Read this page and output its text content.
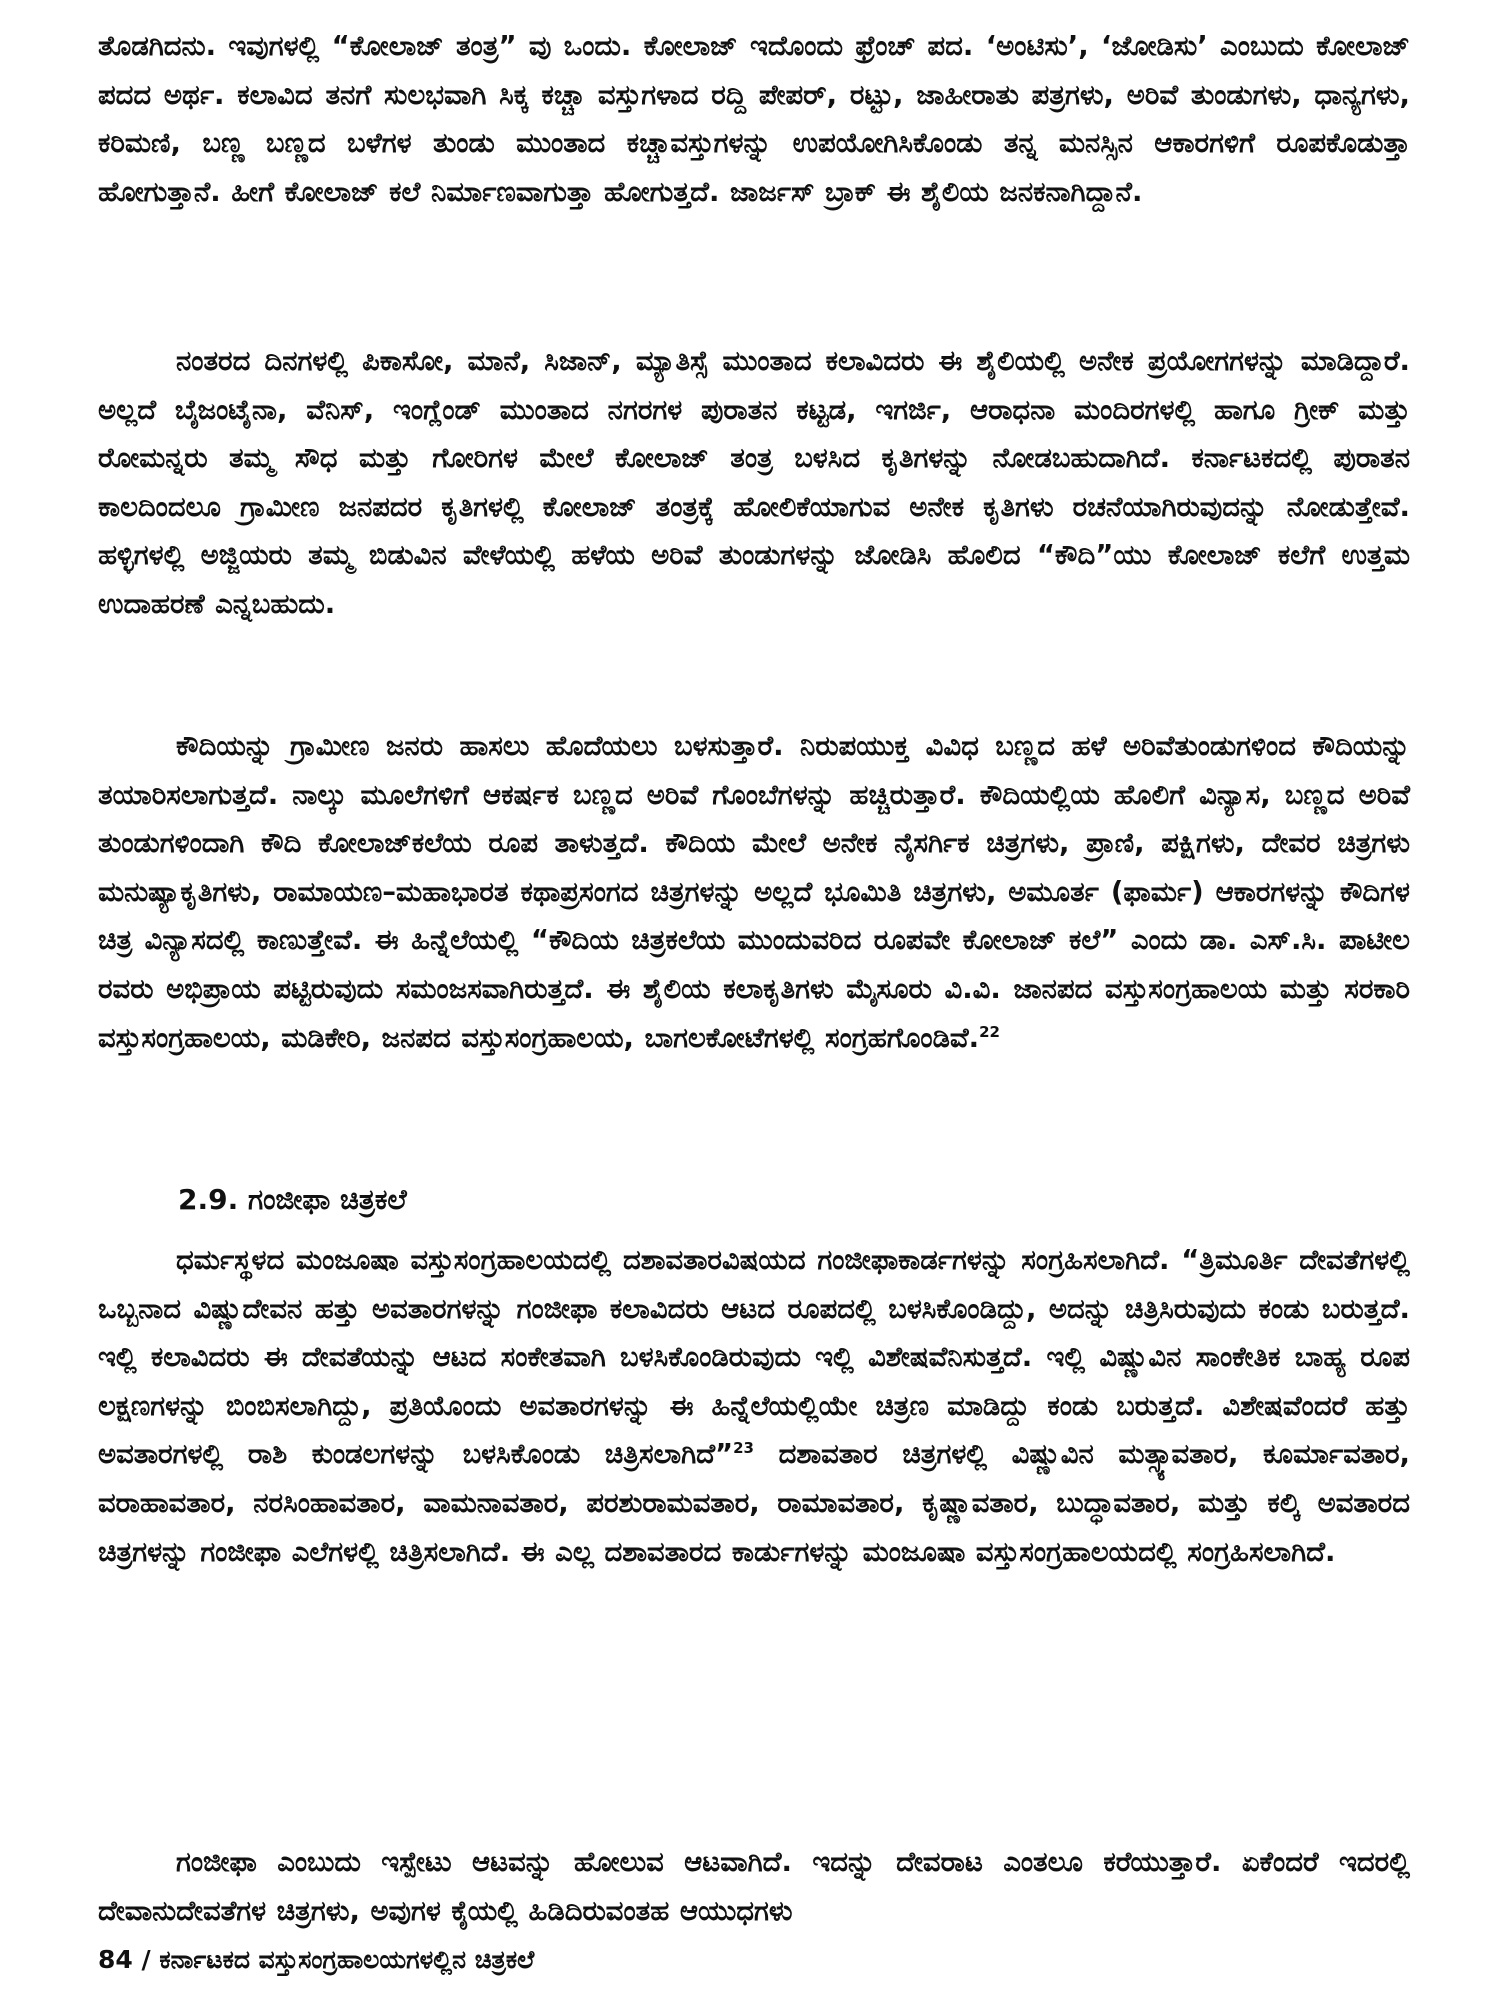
ತೊಡಗಿದನು. ಇವುಗಳಲ್ಲಿ “ಕೋಲಾಜ್ ತಂತ್ರ” ವು ಒಂದು. ಕೋಲಾಜ್ ಇದೊಂದು ಫ್ರೆಂಚ್ ಪದ. ‘ಅಂಟಿಸು’, ‘ಜೋಡಿಸು’ ಎಂಬುದು ಕೋಲಾಜ್ ಪದದ ಅರ್ಥ. ಕಲಾವಿದ ತನಗೆ ಸುಲಭವಾಗಿ ಸಿಕ್ಕ ಕಚ್ಚಾ ವಸ್ತುಗಳಾದ ರದ್ದಿ ಪೇಪರ್, ರಟ್ಟು, ಜಾಹೀರಾತು ಪತ್ರಗಳು, ಅರಿವೆ ತುಂಡುಗಳು, ಧಾನ್ಯಗಳು, ಕರಿಮಣಿ, ಬಣ್ಣ ಬಣ್ಣದ ಬಳೆಗಳ ತುಂಡು ಮುಂತಾದ ಕಚ್ಚಾವಸ್ತುಗಳನ್ನು ಉಪಯೋಗಿಸಿಕೊಂಡು ತನ್ನ ಮನಸ್ಸಿನ ಆಕಾರಗಳಿಗೆ ರೂಪಕೊಡುತ್ತಾ ಹೋಗುತ್ತಾನೆ. ಹೀಗೆ ಕೋಲಾಜ್ ಕಲೆ ನಿರ್ಮಾಣವಾಗುತ್ತಾ ಹೋಗುತ್ತದೆ. ಜಾರ್ಜಸ್ ಬ್ರಾಕ್ ಈ ಶೈಲಿಯ ಜನಕನಾಗಿದ್ದಾನೆ.

ನಂತರದ ದಿನಗಳಲ್ಲಿ ಪಿಕಾಸೋ, ಮಾನೆ, ಸಿಜಾನ್, ಮ್ಯಾತಿಸ್ಸೆ ಮುಂತಾದ ಕಲಾವಿದರು ಈ ಶೈಲಿಯಲ್ಲಿ ಅನೇಕ ಪ್ರಯೋಗಗಳನ್ನು ಮಾಡಿದ್ದಾರೆ. ಅಲ್ಲದೆ ಬೈಜಂಟೈನಾ, ವೆನಿಸ್, ಇಂಗ್ಲೆಂಡ್ ಮುಂತಾದ ನಗರಗಳ ಪುರಾತನ ಕಟ್ಟಡ, ಇಗರ್ಜಿ, ಆರಾಧನಾ ಮಂದಿರಗಳಲ್ಲಿ ಹಾಗೂ ಗ್ರೀಕ್ ಮತ್ತು ರೋಮನ್ನರು ತಮ್ಮ ಸೌಧ ಮತ್ತು ಗೋರಿಗಳ ಮೇಲೆ ಕೋಲಾಜ್ ತಂತ್ರ ಬಳಸಿದ ಕೃತಿಗಳನ್ನು ನೋಡಬಹುದಾಗಿದೆ. ಕರ್ನಾಟಕದಲ್ಲಿ ಪುರಾತನ ಕಾಲದಿಂದಲೂ ಗ್ರಾಮೀಣ ಜನಪದರ ಕೃತಿಗಳಲ್ಲಿ ಕೋಲಾಜ್ ತಂತ್ರಕ್ಕೆ ಹೋಲಿಕೆಯಾಗುವ ಅನೇಕ ಕೃತಿಗಳು ರಚನೆಯಾಗಿರುವುದನ್ನು ನೋಡುತ್ತೇವೆ. ಹಳ್ಳಿಗಳಲ್ಲಿ ಅಜ್ಜಿಯರು ತಮ್ಮ ಬಿಡುವಿನ ವೇಳೆಯಲ್ಲಿ ಹಳೆಯ ಅರಿವೆ ತುಂಡುಗಳನ್ನು ಜೋಡಿಸಿ ಹೊಲಿದ “ಕೌದಿ”ಯು ಕೋಲಾಜ್ ಕಲೆಗೆ ಉತ್ತಮ ಉದಾಹರಣೆ ಎನ್ನಬಹುದು.

ಕೌದಿಯನ್ನು ಗ್ರಾಮೀಣ ಜನರು ಹಾಸಲು ಹೊದೆಯಲು ಬಳಸುತ್ತಾರೆ. ನಿರುಪಯುಕ್ತ ವಿವಿಧ ಬಣ್ಣದ ಹಳೆ ಅರಿವೆತುಂಡುಗಳಿಂದ ಕೌದಿಯನ್ನು ತಯಾರಿಸಲಾಗುತ್ತದೆ. ನಾಲ್ಕು ಮೂಲೆಗಳಿಗೆ ಆಕರ್ಷಕ ಬಣ್ಣದ ಅರಿವೆ ಗೊಂಬೆಗಳನ್ನು ಹಚ್ಚಿರುತ್ತಾರೆ. ಕೌದಿಯಲ್ಲಿಯ ಹೊಲಿಗೆ ವಿನ್ಯಾಸ, ಬಣ್ಣದ ಅರಿವೆ ತುಂಡುಗಳಿಂದಾಗಿ ಕೌದಿ ಕೋಲಾಜ್‌ಕಲೆಯ ರೂಪ ತಾಳುತ್ತದೆ. ಕೌದಿಯ ಮೇಲೆ ಅನೇಕ ನೈಸರ್ಗಿಕ ಚಿತ್ರಗಳು, ಪ್ರಾಣಿ, ಪಕ್ಷಿಗಳು, ದೇವರ ಚಿತ್ರಗಳು ಮನುಷ್ಯಾಕೃತಿಗಳು, ರಾಮಾಯಣ–ಮಹಾಭಾರತ ಕಥಾಪ್ರಸಂಗದ ಚಿತ್ರಗಳನ್ನು ಅಲ್ಲದೆ ಭೂಮಿತಿ ಚಿತ್ರಗಳು, ಅಮೂರ್ತ (ಫಾರ್ಮ) ಆಕಾರಗಳನ್ನು ಕೌದಿಗಳ ಚಿತ್ರ ವಿನ್ಯಾಸದಲ್ಲಿ ಕಾಣುತ್ತೇವೆ. ಈ ಹಿನ್ನೆಲೆಯಲ್ಲಿ “ಕೌದಿಯ ಚಿತ್ರಕಲೆಯ ಮುಂದುವರಿದ ರೂಪವೇ ಕೋಲಾಜ್ ಕಲೆ” ಎಂದು ಡಾ. ಎಸ್.ಸಿ. ಪಾಟೀಲ ರವರು ಅಭಿಪ್ರಾಯ ಪಟ್ಟಿರುವುದು ಸಮಂಜಸವಾಗಿರುತ್ತದೆ. ಈ ಶೈಲಿಯ ಕಲಾಕೃತಿಗಳು ಮೈಸೂರು ವಿ.ವಿ. ಜಾನಪದ ವಸ್ತುಸಂಗ್ರಹಾಲಯ ಮತ್ತು ಸರಕಾರಿ ವಸ್ತುಸಂಗ್ರಹಾಲಯ, ಮಡಿಕೇರಿ, ಜನಪದ ವಸ್ತುಸಂಗ್ರಹಾಲಯ, ಬಾಗಲಕೋಟೆಗಳಲ್ಲಿ ಸಂಗ್ರಹಗೊಂಡಿವೆ.$^{22}$

2.9. ಗಂಜೀಫಾ ಚಿತ್ರಕಲೆ

ಧರ್ಮಸ್ಥಳದ ಮಂಜೂಷಾ ವಸ್ತುಸಂಗ್ರಹಾಲಯದಲ್ಲಿ ದಶಾವತಾರವಿಷಯದ ಗಂಜೀಫಾಕಾರ್ಡಗಳನ್ನು ಸಂಗ್ರಹಿಸಲಾಗಿದೆ. “ತ್ರಿಮೂರ್ತಿ ದೇವತೆಗಳಲ್ಲಿ ಒಬ್ಬನಾದ ವಿಷ್ಣುದೇವನ ಹತ್ತು ಅವತಾರಗಳನ್ನು ಗಂಜೀಫಾ ಕಲಾವಿದರು ಆಟದ ರೂಪದಲ್ಲಿ ಬಳಸಿಕೊಂಡಿದ್ದು, ಅದನ್ನು ಚಿತ್ರಿಸಿರುವುದು ಕಂಡು ಬರುತ್ತದೆ. ಇಲ್ಲಿ ಕಲಾವಿದರು ಈ ದೇವತೆಯನ್ನು ಆಟದ ಸಂಕೇತವಾಗಿ ಬಳಸಿಕೊಂಡಿರುವುದು ಇಲ್ಲಿ ವಿಶೇಷವೆನಿಸುತ್ತದೆ. ಇಲ್ಲಿ ವಿಷ್ಣುವಿನ ಸಾಂಕೇತಿಕ ಬಾಹ್ಯ ರೂಪ ಲಕ್ಷಣಗಳನ್ನು ಬಿಂಬಿಸಲಾಗಿದ್ದು, ಪ್ರತಿಯೊಂದು ಅವತಾರಗಳನ್ನು ಈ ಹಿನ್ನೆಲೆಯಲ್ಲಿಯೇ ಚಿತ್ರಣ ಮಾಡಿದ್ದು ಕಂಡು ಬರುತ್ತದೆ. ವಿಶೇಷವೆಂದರೆ ಹತ್ತು ಅವತಾರಗಳಲ್ಲಿ ರಾಶಿ ಕುಂಡಲಗಳನ್ನು ಬಳಸಿಕೊಂಡು ಚಿತ್ರಿಸಲಾಗಿದೆ”$^{23}$ ದಶಾವತಾರ ಚಿತ್ರಗಳಲ್ಲಿ ವಿಷ್ಣುವಿನ ಮತ್ಸ್ಯಾವತಾರ, ಕೂರ್ಮಾವತಾರ, ವರಾಹಾವತಾರ, ನರಸಿಂಹಾವತಾರ, ವಾಮನಾವತಾರ, ಪರಶುರಾಮವತಾರ, ರಾಮಾವತಾರ, ಕೃಷ್ಣಾವತಾರ, ಬುದ್ಧಾವತಾರ, ಮತ್ತು ಕಲ್ಕಿ ಅವತಾರದ ಚಿತ್ರಗಳನ್ನು ಗಂಜೀಫಾ ಎಲೆಗಳಲ್ಲಿ ಚಿತ್ರಿಸಲಾಗಿದೆ. ಈ ಎಲ್ಲ ದಶಾವತಾರದ ಕಾರ್ಡುಗಳನ್ನು ಮಂಜೂಷಾ ವಸ್ತುಸಂಗ್ರಹಾಲಯದಲ್ಲಿ ಸಂಗ್ರಹಿಸಲಾಗಿದೆ.

ಗಂಜೀಫಾ ಎಂಬುದು ಇಸ್ಪೇಟು ಆಟವನ್ನು ಹೋಲುವ ಆಟವಾಗಿದೆ. ಇದನ್ನು ದೇವರಾಟ ಎಂತಲೂ ಕರೆಯುತ್ತಾರೆ. ಏಕೆಂದರೆ ಇದರಲ್ಲಿ ದೇವಾನುದೇವತೆಗಳ ಚಿತ್ರಗಳು, ಅವುಗಳ ಕೈಯಲ್ಲಿ ಹಿಡಿದಿರುವಂತಹ ಆಯುಧಗಳು

84 / ಕರ್ನಾಟಕದ ವಸ್ತುಸಂಗ್ರಹಾಲಯಗಳಲ್ಲಿನ ಚಿತ್ರಕಲೆ
